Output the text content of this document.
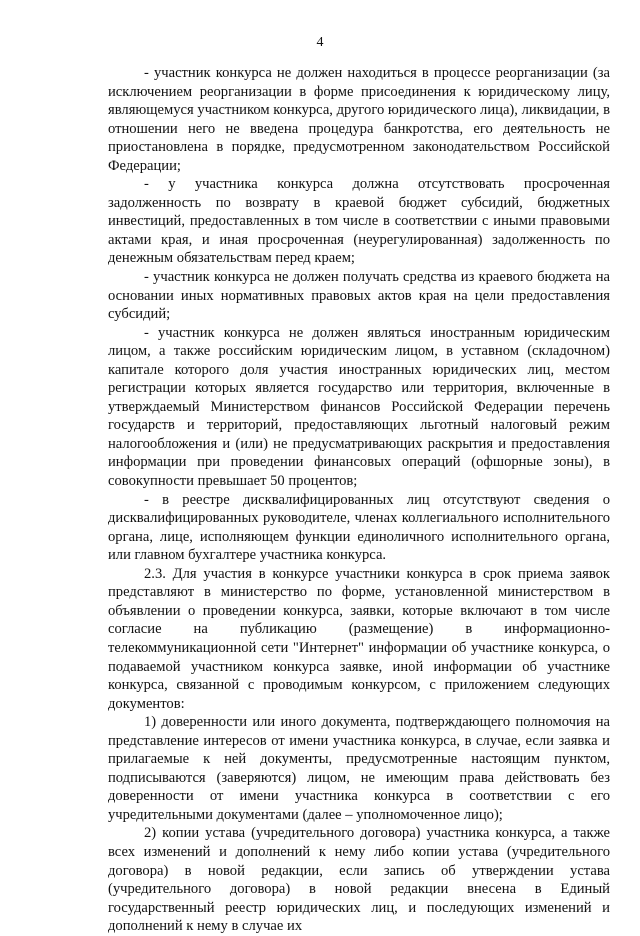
4

- участник конкурса не должен находиться в процессе реорганизации (за исключением реорганизации в форме присоединения к юридическому лицу, являющемуся участником конкурса, другого юридического лица), ликвидации, в отношении него не введена процедура банкротства, его деятельность не приостановлена в порядке, предусмотренном законодательством Российской Федерации;

- у участника конкурса должна отсутствовать просроченная задолженность по возврату в краевой бюджет субсидий, бюджетных инвестиций, предоставленных в том числе в соответствии с иными правовыми актами края, и иная просроченная (неурегулированная) задолженность по денежным обязательствам перед краем;

- участник конкурса не должен получать средства из краевого бюджета на основании иных нормативных правовых актов края на цели предоставления субсидий;

- участник конкурса не должен являться иностранным юридическим лицом, а также российским юридическим лицом, в уставном (складочном) капитале которого доля участия иностранных юридических лиц, местом регистрации которых является государство или территория, включенные в утверждаемый Министерством финансов Российской Федерации перечень государств и территорий, предоставляющих льготный налоговый режим налогообложения и (или) не предусматривающих раскрытия и предоставления информации при проведении финансовых операций (офшорные зоны), в совокупности превышает 50 процентов;

- в реестре дисквалифицированных лиц отсутствуют сведения о дисквалифицированных руководителе, членах коллегиального исполнительного органа, лице, исполняющем функции единоличного исполнительного органа, или главном бухгалтере участника конкурса.

2.3. Для участия в конкурсе участники конкурса в срок приема заявок представляют в министерство по форме, установленной министерством в объявлении о проведении конкурса, заявки, которые включают в том числе согласие на публикацию (размещение) в информационно-телекоммуникационной сети "Интернет" информации об участнике конкурса, о подаваемой участником конкурса заявке, иной информации об участнике конкурса, связанной с проводимым конкурсом, с приложением следующих документов:

1) доверенности или иного документа, подтверждающего полномочия на представление интересов от имени участника конкурса, в случае, если заявка и прилагаемые к ней документы, предусмотренные настоящим пунктом, подписываются (заверяются) лицом, не имеющим права действовать без доверенности от имени участника конкурса в соответствии с его учредительными документами (далее – уполномоченное лицо);

2) копии устава (учредительного договора) участника конкурса, а также всех изменений и дополнений к нему либо копии устава (учредительного договора) в новой редакции, если запись об утверждении устава (учредительного договора) в новой редакции внесена в Единый государственный реестр юридических лиц, и последующих изменений и дополнений к нему в случае их
